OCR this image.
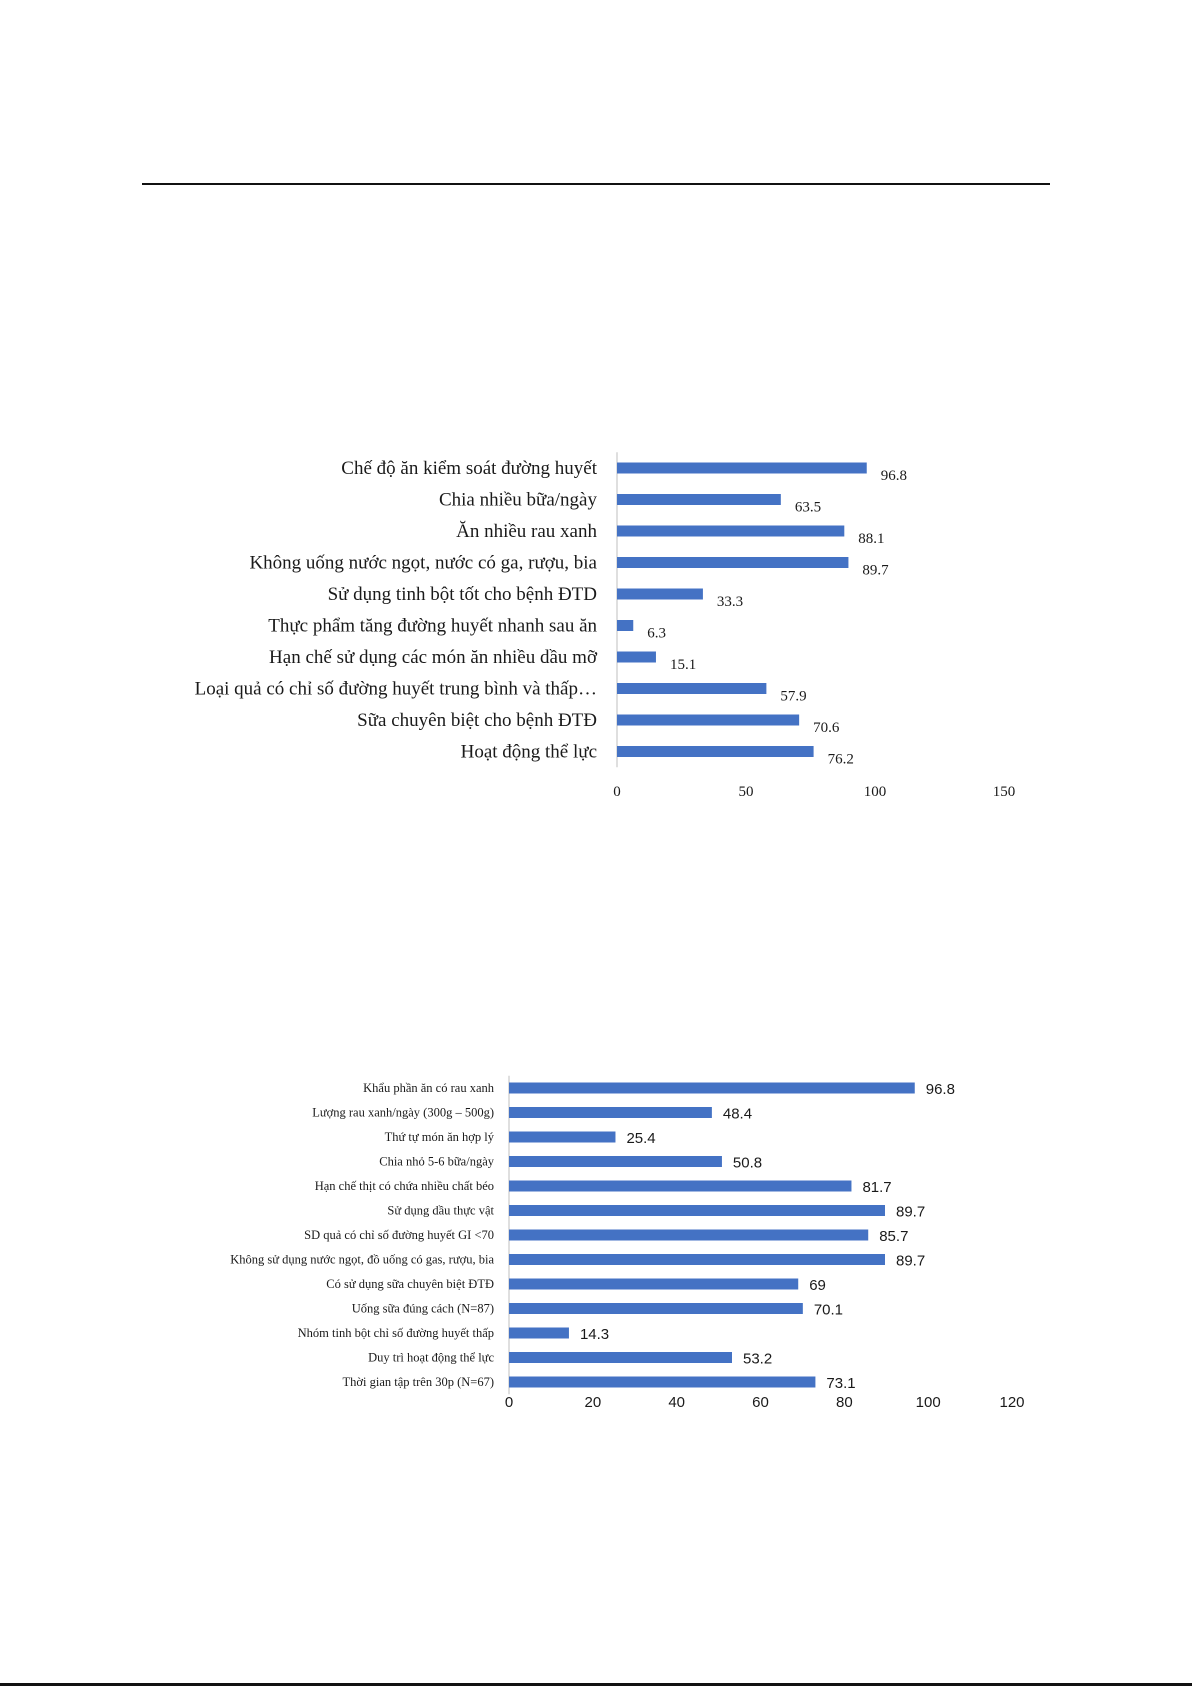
Chế độ ăn kiểm soát đường huyết	96.8
Chia nhiều bữa/ngày	63.5
Ăn nhiều rau xanh	88.1
Không uống nước ngọt, nước có ga, rượu, bia	89.7
Sử dụng tinh bột tốt cho bệnh ĐTD	33.3
Thực phẩm tăng đường huyết nhanh sau ăn	6.3
Hạn chế sử dụng các món ăn nhiều dầu mỡ	15.1
Loại quả có chỉ số đường huyết trung bình và thấp…	57.9
Sữa chuyên biệt cho bệnh ĐTĐ	70.6
Hoạt động thể lực	76.2
0	50	100	150
Khẩu phần ăn có rau xanh	96.8
Lượng rau xanh/ngày (300g – 500g)	48.4
Thứ tự món ăn hợp lý	25.4
Chia nhỏ 5-6 bữa/ngày	50.8
Hạn chế thịt có chứa nhiều chất béo	81.7
Sử dụng dầu thực vật	89.7
SD quả có chỉ số đường huyết GI <70	85.7
Không sử dụng nước ngọt, đồ uống có gas, rượu, bia	89.7
Có sử dụng sữa chuyên biệt ĐTĐ	69
Uống sữa đúng cách (N=87)	70.1
Nhóm tinh bột chỉ số đường huyết thấp	14.3
Duy trì hoạt động thể lực	53.2
Thời gian tập trên 30p (N=67)	73.1
0	20	40	60	80	100	120
